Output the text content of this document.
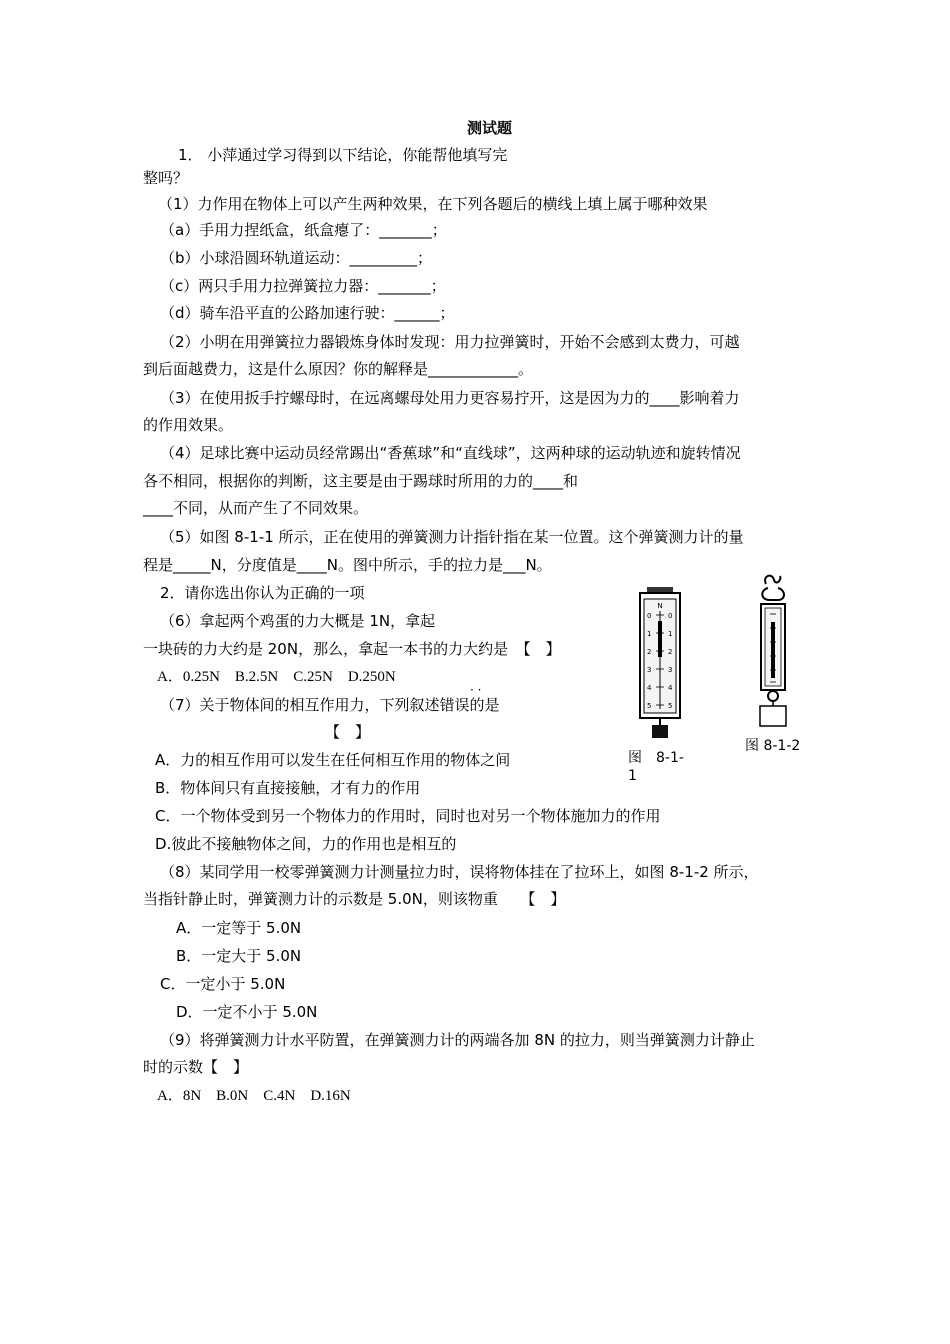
测试题
1． 小萍通过学习得到以下结论，你能帮他填写完
整吗？
（1）力作用在物体上可以产生两种效果，在下列各题后的横线上填上属于哪种效果
（a）手用力捏纸盒，纸盒瘪了：_______；
（b）小球沿圆环轨道运动：_________；
（c）两只手用力拉弹簧拉力器：_______；
（d）骑车沿平直的公路加速行驶：______；
（2）小明在用弹簧拉力器锻炼身体时发现：用力拉弹簧时，开始不会感到太费力，可越
到后面越费力，这是什么原因？你的解释是____________。
（3）在使用扳手拧螺母时，在远离螺母处用力更容易拧开，这是因为力的____影响着力
的作用效果。
（4）足球比赛中运动员经常踢出“香蕉球”和“直线球”，这两种球的运动轨迹和旋转情况
各不相同，根据你的判断，这主要是由于踢球时所用的力的____和
____不同，从而产生了不同效果。
（5）如图 8-1-1 所示，正在使用的弹簧测力计指针指在某一位置。这个弹簧测力计的量
程是_____N，分度值是____N。图中所示，手的拉力是___N。
2．请你选出你认为正确的一项
（6）拿起两个鸡蛋的力大概是 1N，拿起
一块砖的力大约是 20N，那么，拿起一本书的力大约是　【　】
A．0.25N　B.2.5N　C.25N　D.250N
（7）关于物体间的相互作用力，下列叙述错误的是
· ·
【　】
A．力的相互作用可以发生在任何相互作用的物体之间
B．物体间只有直接接触，才有力的作用
C．一个物体受到另一个物体力的作用时，同时也对另一个物体施加力的作用
D.彼此不接触物体之间，力的作用也是相互的
（8）某同学用一校零弹簧测力计测量拉力时，误将物体挂在了拉环上，如图 8-1-2 所示，
当指针静止时，弹簧测力计的示数是 5.0N，则该物重　　【　】
A．一定等于 5.0N
B．一定大于 5.0N
C．一定小于 5.0N
D．一定不小于 5.0N
（9）将弹簧测力计水平防置，在弹簧测力计的两端各加 8N 的拉力，则当弹簧测力计静止
时的示数【　】
A．8N　B.0N　C.4N　D.16N
N
0
1
2
3
4
5
0
1
2
3
4
5
图　8-1-
1
图 8-1-2
